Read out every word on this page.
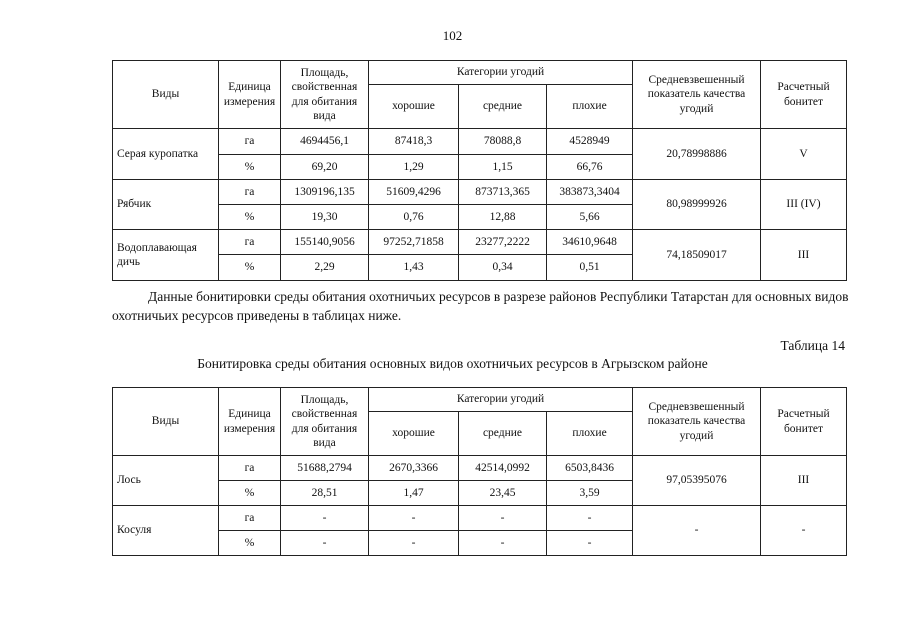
102
Виды	Единица измерения	Площадь, свойственная для обитания вида	Категории угодий			Средневзвешенный показатель качества угодий	Расчетный бонитет
			хорошие	средние	плохие		
Серая куропатка	га	4694456,1	87418,3	78088,8	4528949	20,78998886	V
	%	69,20	1,29	1,15	66,76		
Рябчик	га	1309196,135	51609,4296	873713,365	383873,3404	80,98999926	III (IV)
	%	19,30	0,76	12,88	5,66		
Водоплавающая дичь	га	155140,9056	97252,71858	23277,2222	34610,9648	74,18509017	III
	%	2,29	1,43	0,34	0,51		

Данные бонитировки среды обитания охотничьих ресурсов в разрезе районов Республики Татарстан для основных видов охотничьих ресурсов приведены в таблицах ниже.

Таблица 14
Бонитировка среды обитания основных видов охотничьих ресурсов в Агрызском районе
Виды	Единица измерения	Площадь, свойственная для обитания вида	Категории угодий			Средневзвешенный показатель качества угодий	Расчетный бонитет
			хорошие	средние	плохие		
Лось	га	51688,2794	2670,3366	42514,0992	6503,8436	97,05395076	III
	%	28,51	1,47	23,45	3,59		
Косуля	га	-	-	-	-	-	-
	%	-	-	-	-		
